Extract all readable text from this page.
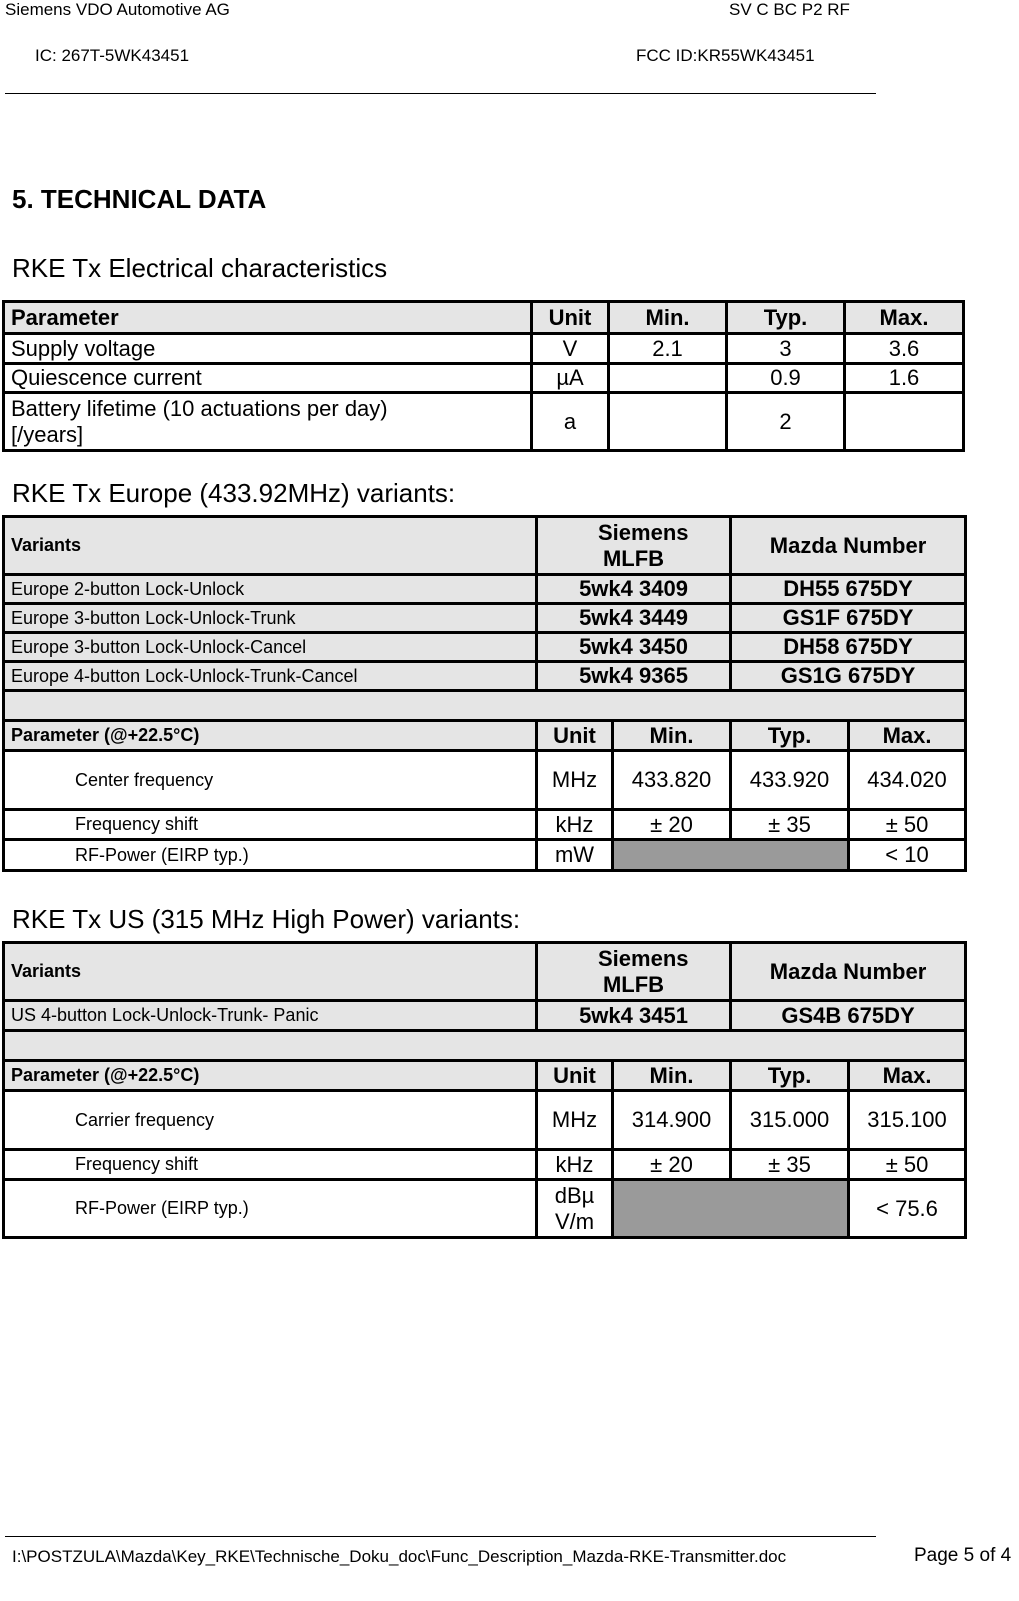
Siemens VDO Automotive AG	SV C BC P2 RF
IC: 267T-5WK43451	FCC ID:KR55WK43451
5. TECHNICAL DATA
RKE Tx Electrical characteristics
Parameter	Unit	Min.	Typ.	Max.
Supply voltage	V	2.1	3	3.6
Quiescence current	µA		0.9	1.6
Battery lifetime (10 actuations per day) [/years]	a		2	
RKE Tx Europe (433.92MHz) variants:
Variants	Siemens MLFB		Mazda Number	
Europe 2-button Lock-Unlock	5wk4 3409		DH55 675DY	
Europe 3-button Lock-Unlock-Trunk	5wk4 3449		GS1F 675DY	
Europe 3-button Lock-Unlock-Cancel	5wk4 3450		DH58 675DY	
Europe 4-button Lock-Unlock-Trunk-Cancel	5wk4 9365		GS1G 675DY	

Parameter (@+22.5°C)	Unit	Min.	Typ.	Max.
Center frequency	MHz	433.820	433.920	434.020
Frequency shift	kHz	± 20	± 35	± 50
RF-Power (EIRP typ.)	mW			< 10
RKE Tx US (315 MHz High Power) variants:
Variants	Siemens MLFB		Mazda Number	
US 4-button Lock-Unlock-Trunk- Panic	5wk4 3451		GS4B 675DY	

Parameter (@+22.5°C)	Unit	Min.	Typ.	Max.
Carrier frequency	MHz	314.900	315.000	315.100
Frequency shift	kHz	± 20	± 35	± 50
RF-Power (EIRP typ.)	dBµV/m			< 75.6
I:\POSTZULA\Mazda\Key_RKE\Technische_Doku_doc\Func_Description_Mazda-RKE-Transmitter.doc	Page 5 of 4
